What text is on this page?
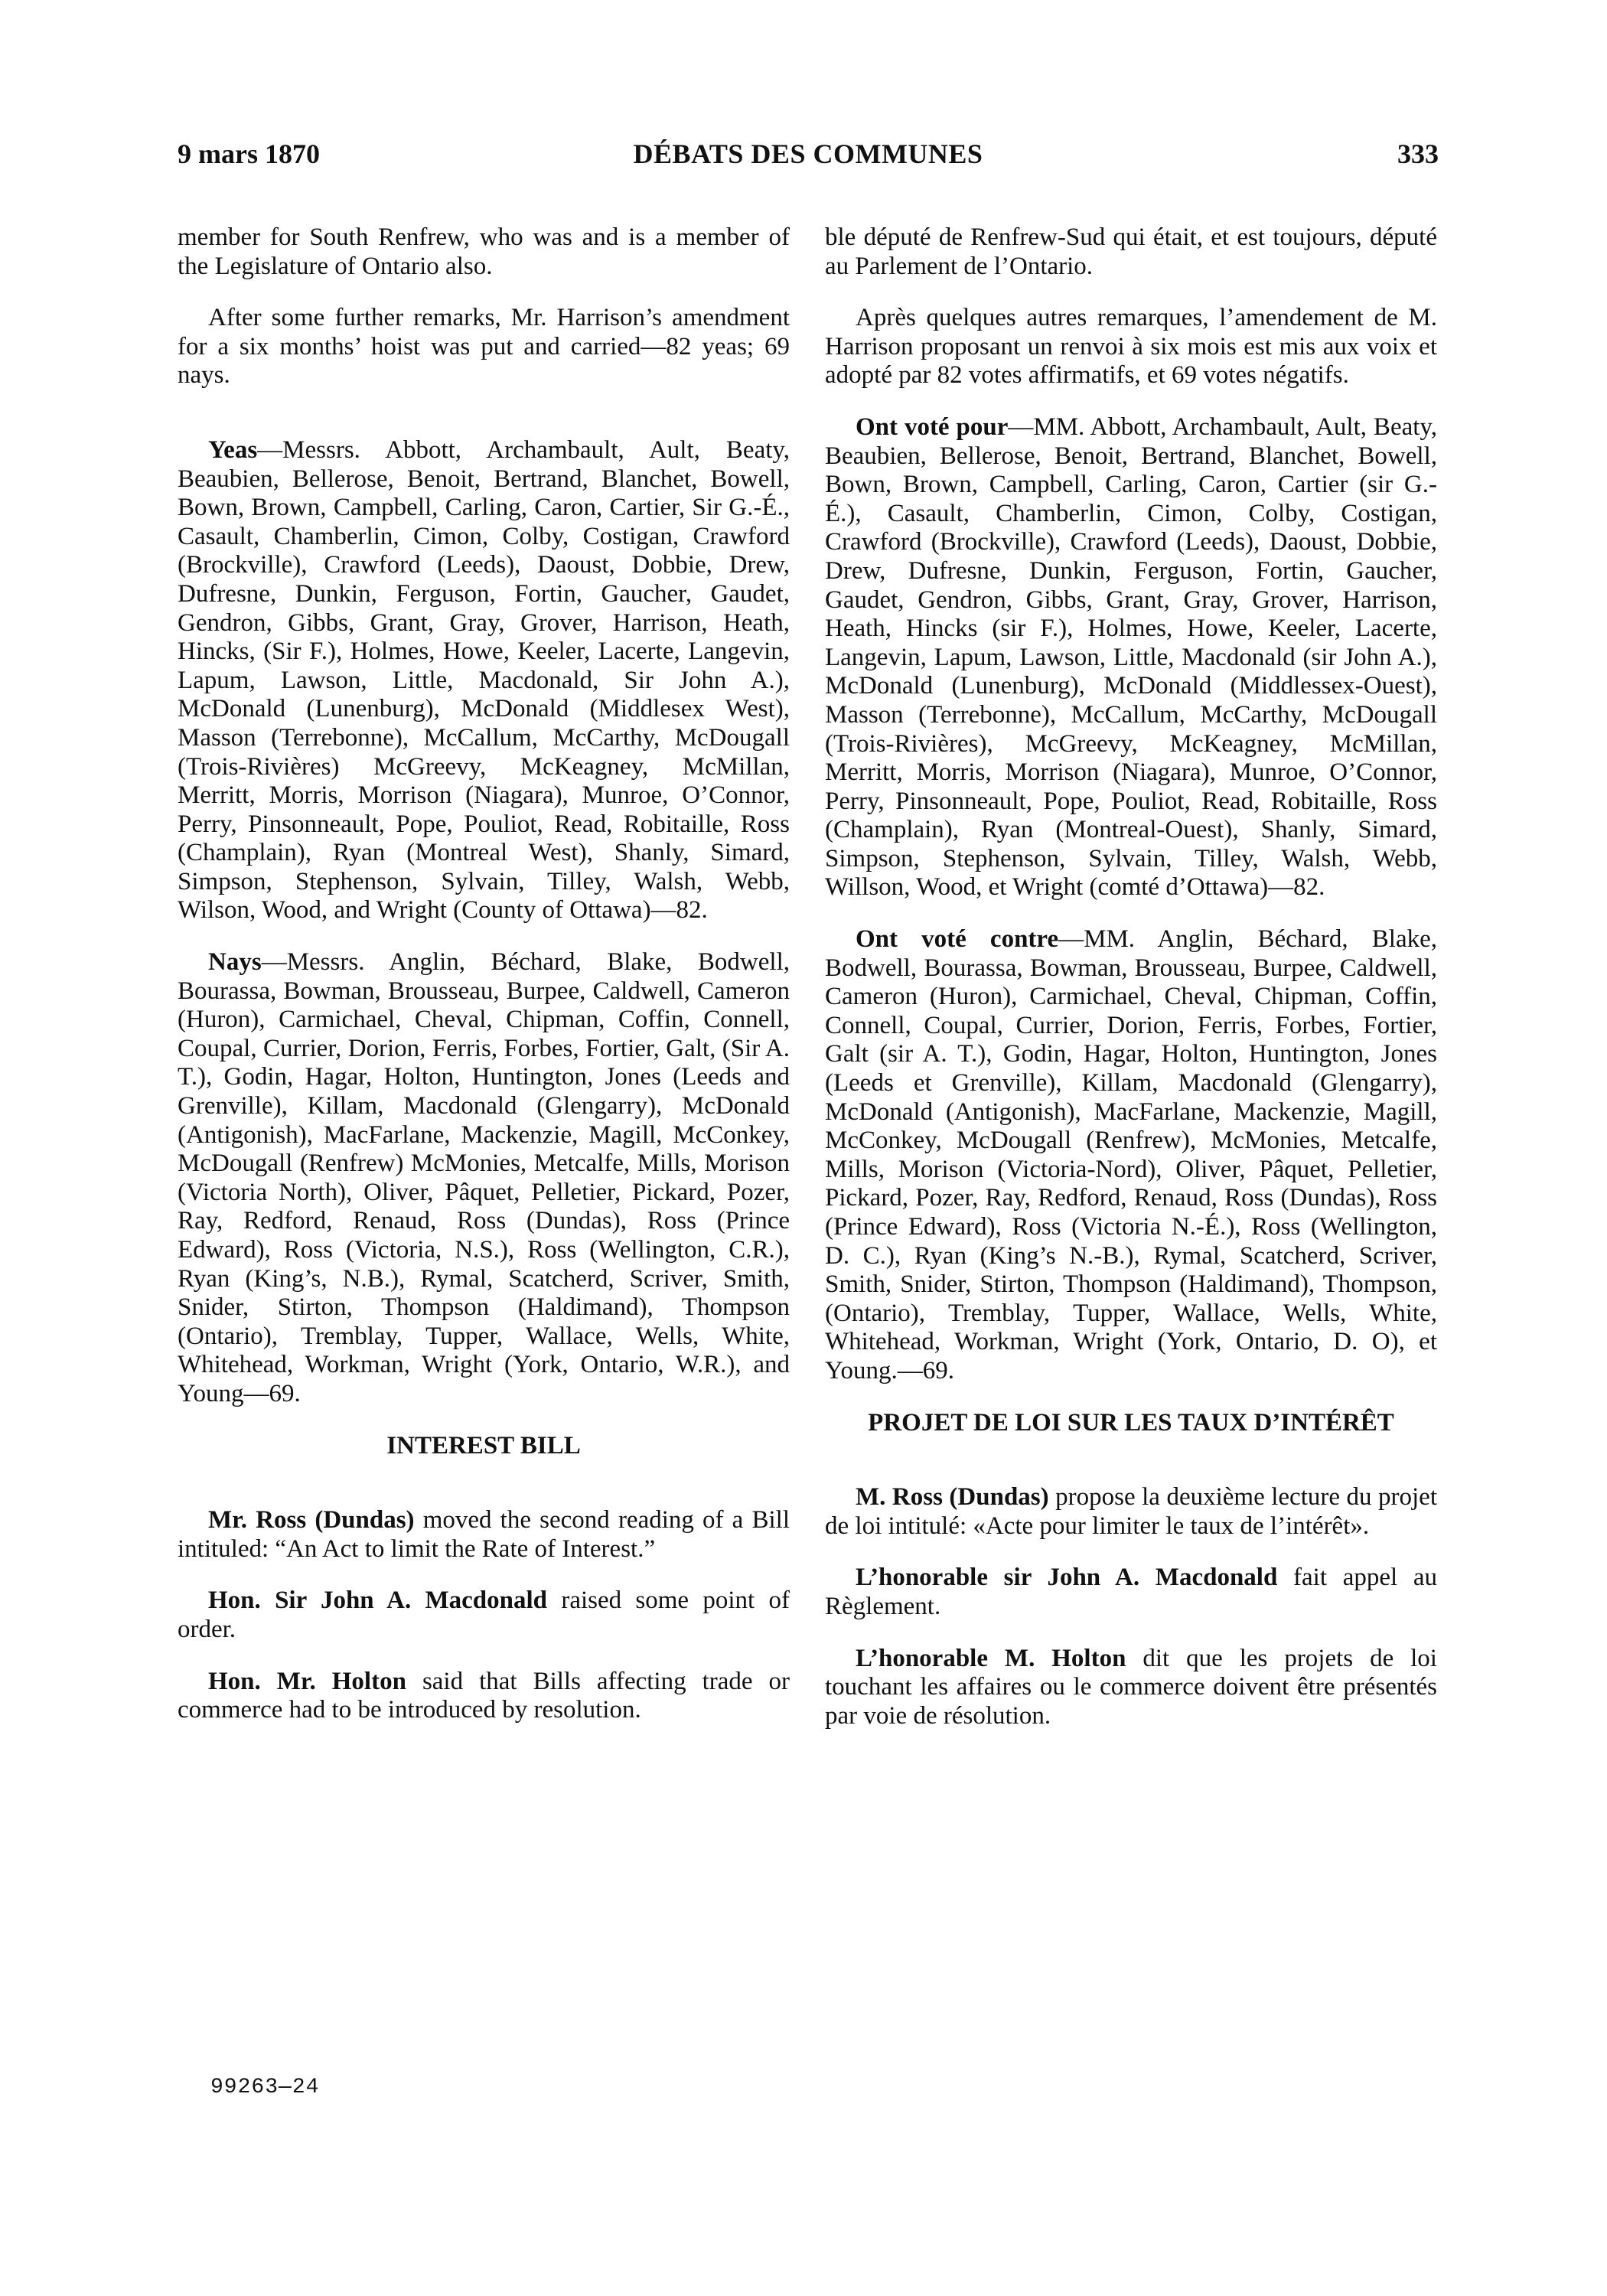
9 mars 1870	DÉBATS DES COMMUNES	333

member for South Renfrew, who was and is a member of the Legislature of Ontario also.

After some further remarks, Mr. Harrison’s amendment for a six months’ hoist was put and carried—82 yeas; 69 nays.

Yeas—Messrs. Abbott, Archambault, Ault, Beaty, Beaubien, Bellerose, Benoit, Bertrand, Blanchet, Bowell, Bown, Brown, Campbell, Carling, Caron, Cartier, Sir G.-É., Casault, Chamberlin, Cimon, Colby, Costigan, Crawford (Brockville), Crawford (Leeds), Daoust, Dobbie, Drew, Dufresne, Dunkin, Ferguson, Fortin, Gaucher, Gaudet, Gendron, Gibbs, Grant, Gray, Grover, Harrison, Heath, Hincks, (Sir F.), Holmes, Howe, Keeler, Lacerte, Langevin, Lapum, Lawson, Little, Macdonald, Sir John A.), McDonald (Lunenburg), McDonald (Middlesex West), Masson (Terrebonne), McCallum, McCarthy, McDougall (Trois-Rivières) McGreevy, McKeagney, McMillan, Merritt, Morris, Morrison (Niagara), Munroe, O’Connor, Perry, Pinsonneault, Pope, Pouliot, Read, Robitaille, Ross (Champlain), Ryan (Montreal West), Shanly, Simard, Simpson, Stephenson, Sylvain, Tilley, Walsh, Webb, Wilson, Wood, and Wright (County of Ottawa)—82.

Nays—Messrs. Anglin, Béchard, Blake, Bodwell, Bourassa, Bowman, Brousseau, Burpee, Caldwell, Cameron (Huron), Carmichael, Cheval, Chipman, Coffin, Connell, Coupal, Currier, Dorion, Ferris, Forbes, Fortier, Galt, (Sir A. T.), Godin, Hagar, Holton, Huntington, Jones (Leeds and Grenville), Killam, Macdonald (Glengarry), McDonald (Antigonish), MacFarlane, Mackenzie, Magill, McConkey, McDougall (Renfrew) McMonies, Metcalfe, Mills, Morison (Victoria North), Oliver, Pâquet, Pelletier, Pickard, Pozer, Ray, Redford, Renaud, Ross (Dundas), Ross (Prince Edward), Ross (Victoria, N.S.), Ross (Wellington, C.R.), Ryan (King’s, N.B.), Rymal, Scatcherd, Scriver, Smith, Snider, Stirton, Thompson (Haldimand), Thompson (Ontario), Tremblay, Tupper, Wallace, Wells, White, Whitehead, Workman, Wright (York, Ontario, W.R.), and Young—69.

INTEREST BILL

Mr. Ross (Dundas) moved the second reading of a Bill intituled: “An Act to limit the Rate of Interest.”

Hon. Sir John A. Macdonald raised some point of order.

Hon. Mr. Holton said that Bills affecting trade or commerce had to be introduced by resolution.

ble député de Renfrew-Sud qui était, et est toujours, député au Parlement de l’Ontario.

Après quelques autres remarques, l’amendement de M. Harrison proposant un renvoi à six mois est mis aux voix et adopté par 82 votes affirmatifs, et 69 votes négatifs.

Ont voté pour—MM. Abbott, Archambault, Ault, Beaty, Beaubien, Bellerose, Benoit, Bertrand, Blanchet, Bowell, Bown, Brown, Campbell, Carling, Caron, Cartier (sir G.-É.), Casault, Chamberlin, Cimon, Colby, Costigan, Crawford (Brockville), Crawford (Leeds), Daoust, Dobbie, Drew, Dufresne, Dunkin, Ferguson, Fortin, Gaucher, Gaudet, Gendron, Gibbs, Grant, Gray, Grover, Harrison, Heath, Hincks (sir F.), Holmes, Howe, Keeler, Lacerte, Langevin, Lapum, Lawson, Little, Macdonald (sir John A.), McDonald (Lunenburg), McDonald (Middlessex-Ouest), Masson (Terrebonne), McCallum, McCarthy, McDougall (Trois-Rivières), McGreevy, McKeagney, McMillan, Merritt, Morris, Morrison (Niagara), Munroe, O’Connor, Perry, Pinsonneault, Pope, Pouliot, Read, Robitaille, Ross (Champlain), Ryan (Montreal-Ouest), Shanly, Simard, Simpson, Stephenson, Sylvain, Tilley, Walsh, Webb, Willson, Wood, et Wright (comté d’Ottawa)—82.

Ont voté contre—MM. Anglin, Béchard, Blake, Bodwell, Bourassa, Bowman, Brousseau, Burpee, Caldwell, Cameron (Huron), Carmichael, Cheval, Chipman, Coffin, Connell, Coupal, Currier, Dorion, Ferris, Forbes, Fortier, Galt (sir A. T.), Godin, Hagar, Holton, Huntington, Jones (Leeds et Grenville), Killam, Macdonald (Glengarry), McDonald (Antigonish), MacFarlane, Mackenzie, Magill, McConkey, McDougall (Renfrew), McMonies, Metcalfe, Mills, Morison (Victoria-Nord), Oliver, Pâquet, Pelletier, Pickard, Pozer, Ray, Redford, Renaud, Ross (Dundas), Ross (Prince Edward), Ross (Victoria N.-É.), Ross (Wellington, D. C.), Ryan (King’s N.-B.), Rymal, Scatcherd, Scriver, Smith, Snider, Stirton, Thompson (Haldimand), Thompson, (Ontario), Tremblay, Tupper, Wallace, Wells, White, Whitehead, Workman, Wright (York, Ontario, D. O), et Young.—69.

PROJET DE LOI SUR LES TAUX D’INTÉRÊT

M. Ross (Dundas) propose la deuxième lecture du projet de loi intitulé: «Acte pour limiter le taux de l’intérêt».

L’honorable sir John A. Macdonald fait appel au Règlement.

L’honorable M. Holton dit que les projets de loi touchant les affaires ou le commerce doivent être présentés par voie de résolution.

99263—24
